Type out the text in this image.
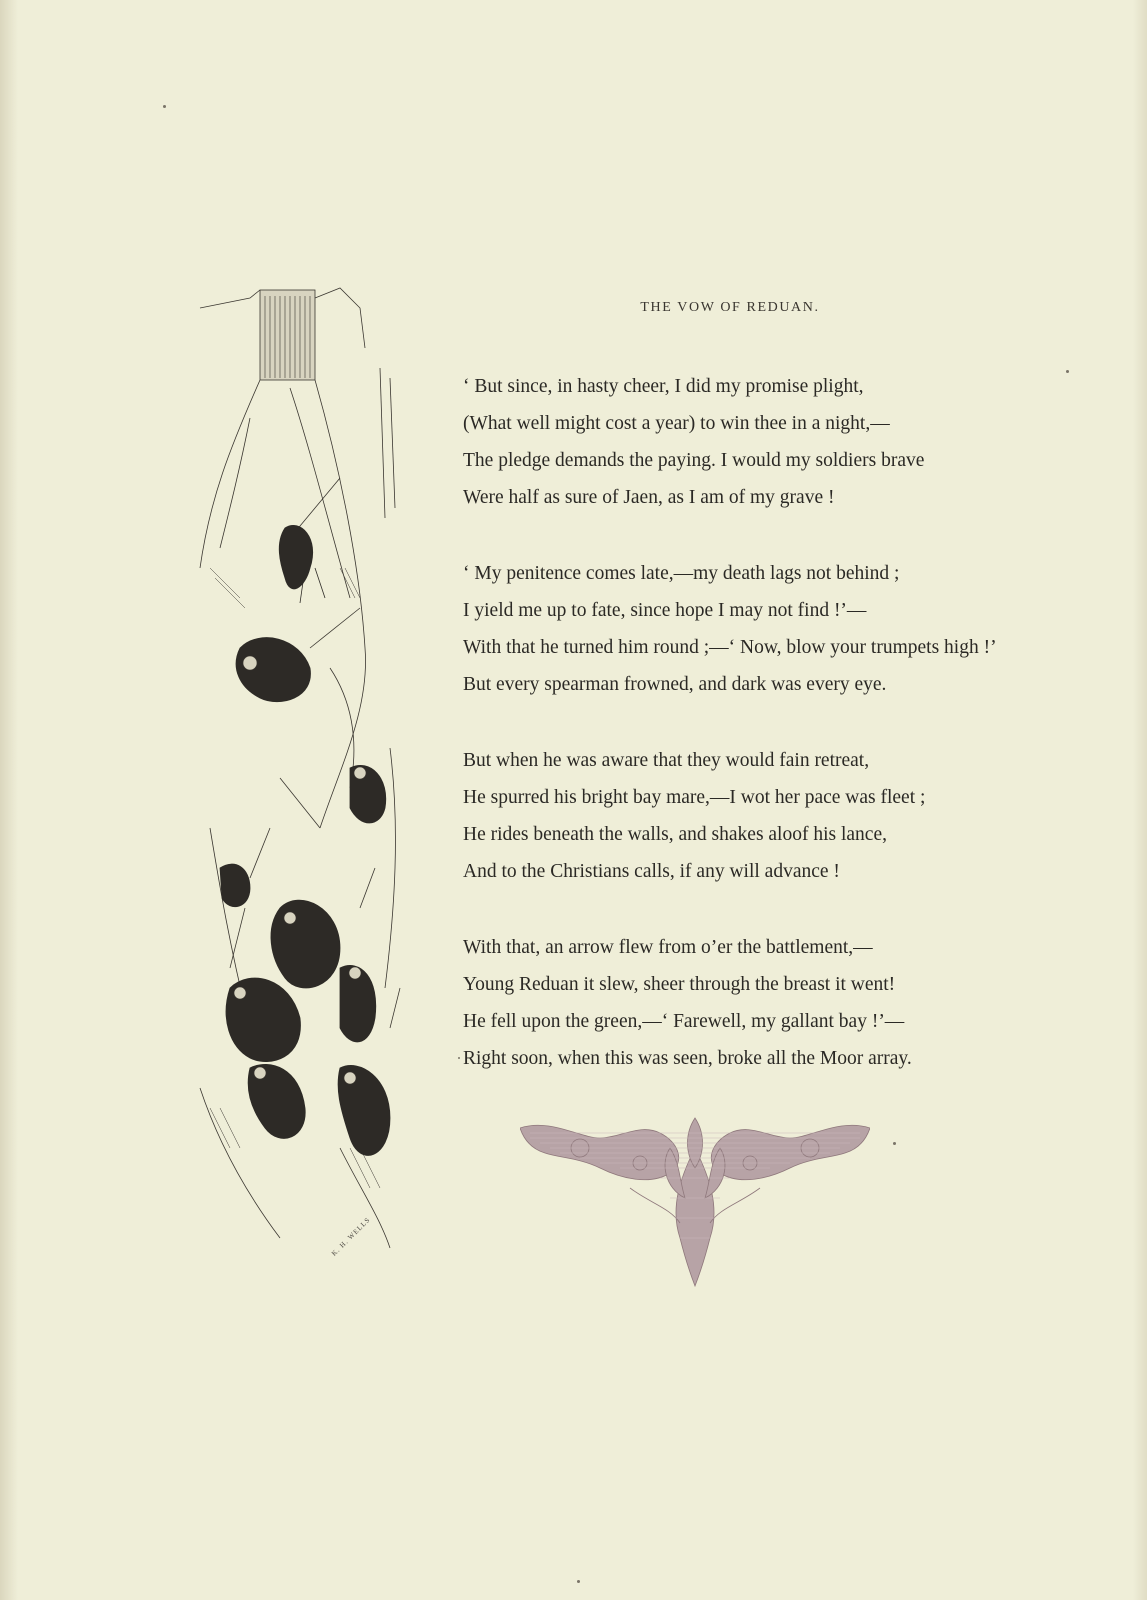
K. H. WELLS
THE VOW OF REDUAN.
‘ But since, in hasty cheer, I did my promise plight,
(What well might cost a year) to win thee in a night,—
The pledge demands the paying. I would my soldiers brave
Were half as sure of Jaen, as I am of my grave !
‘ My penitence comes late,—my death lags not behind ;
I yield me up to fate, since hope I may not find !’—
With that he turned him round ;—‘ Now, blow your trumpets high !’
But every spearman frowned, and dark was every eye.
But when he was aware that they would fain retreat,
He spurred his bright bay mare,—I wot her pace was fleet ;
He rides beneath the walls, and shakes aloof his lance,
And to the Christians calls, if any will advance !
With that, an arrow flew from o’er the battlement,—
Young Reduan it slew, sheer through the breast it went!
He fell upon the green,—‘ Farewell, my gallant bay !’—
Right soon, when this was seen, broke all the Moor array.
